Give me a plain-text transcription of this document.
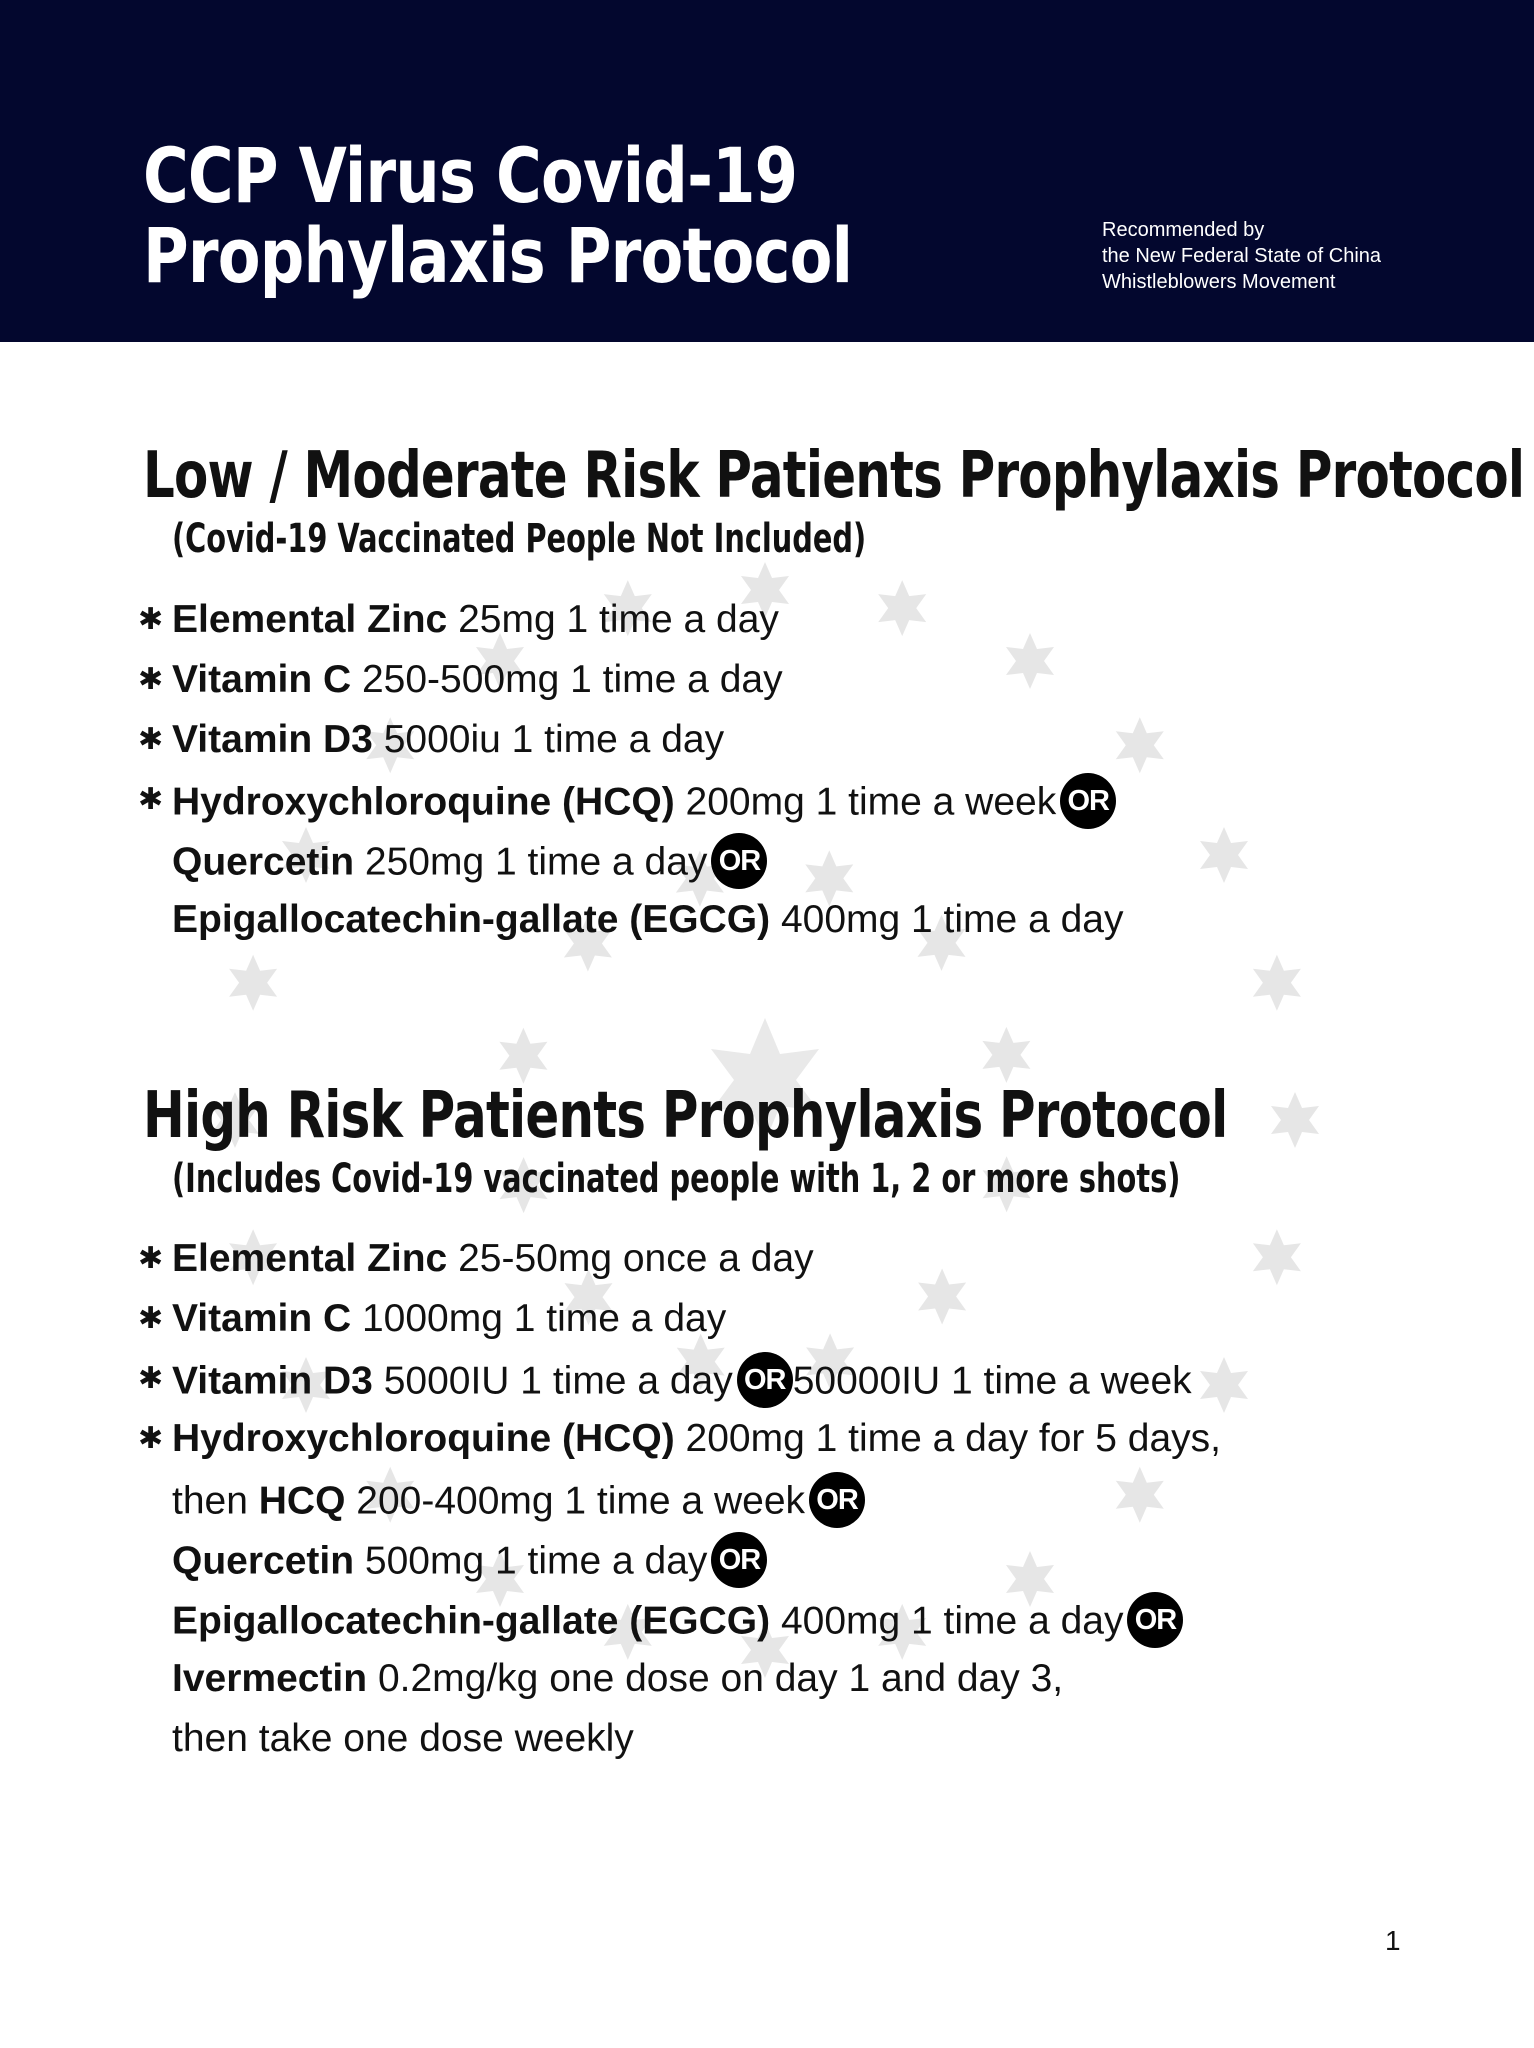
CCP Virus Covid-19
Prophylaxis Protocol	Recommended by
the New Federal State of China
Whistleblowers Movement
Low / Moderate Risk Patients Prophylaxis Protocol
(Covid-19 Vaccinated People Not Included)
✱ Elemental Zinc 25mg 1 time a day
✱ Vitamin C 250-500mg 1 time a day
✱ Vitamin D3 5000iu 1 time a day
✱ Hydroxychloroquine (HCQ) 200mg 1 time a week OR
Quercetin 250mg 1 time a day OR
Epigallocatechin-gallate (EGCG) 400mg 1 time a day
High Risk Patients Prophylaxis Protocol
(Includes Covid-19 vaccinated people with 1, 2 or more shots)
✱ Elemental Zinc 25-50mg once a day
✱ Vitamin C 1000mg 1 time a day
✱ Vitamin D3 5000IU 1 time a day OR 50000IU 1 time a week
✱ Hydroxychloroquine (HCQ) 200mg 1 time a day for 5 days,
then HCQ 200-400mg 1 time a week OR
Quercetin 500mg 1 time a day OR
Epigallocatechin-gallate (EGCG) 400mg 1 time a day OR
Ivermectin 0.2mg/kg one dose on day 1 and day 3,
then take one dose weekly
1
